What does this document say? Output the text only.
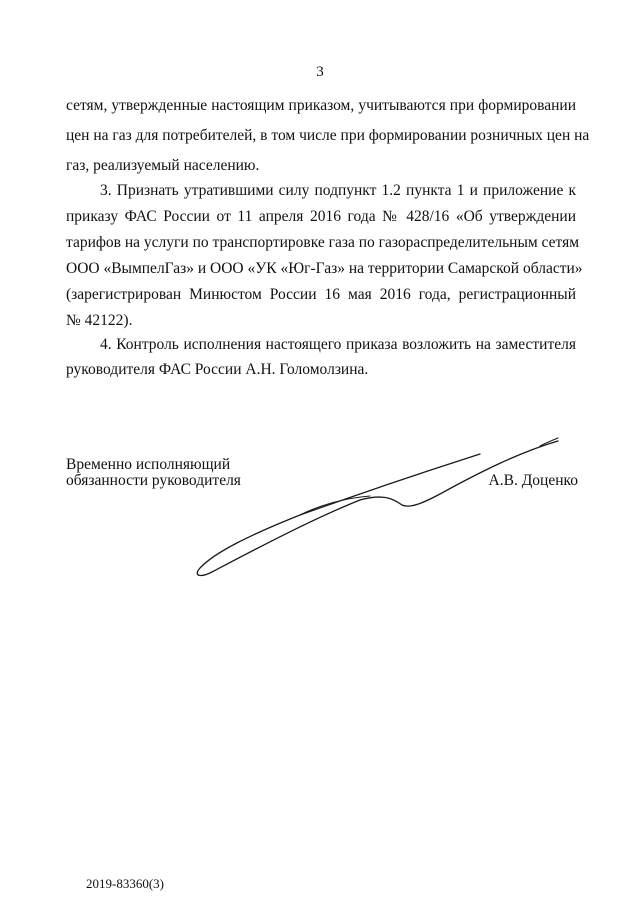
3
сетям, утвержденные настоящим приказом, учитываются при формировании
цен на газ для потребителей, в том числе при формировании розничных цен на
газ, реализуемый населению.
3. Признать утратившими силу подпункт 1.2 пункта 1 и приложение к
приказу ФАС России от 11 апреля 2016 года № 428/16 «Об утверждении
тарифов на услуги по транспортировке газа по газораспределительным сетям
ООО «ВымпелГаз» и ООО «УК «Юг-Газ» на территории Самарской области»
(зарегистрирован Минюстом России 16 мая 2016 года, регистрационный
№ 42122).
4. Контроль исполнения настоящего приказа возложить на заместителя
руководителя ФАС России А.Н. Голомолзина.
Временно исполняющий
обязанности руководителя	А.В. Доценко
2019-83360(3)
